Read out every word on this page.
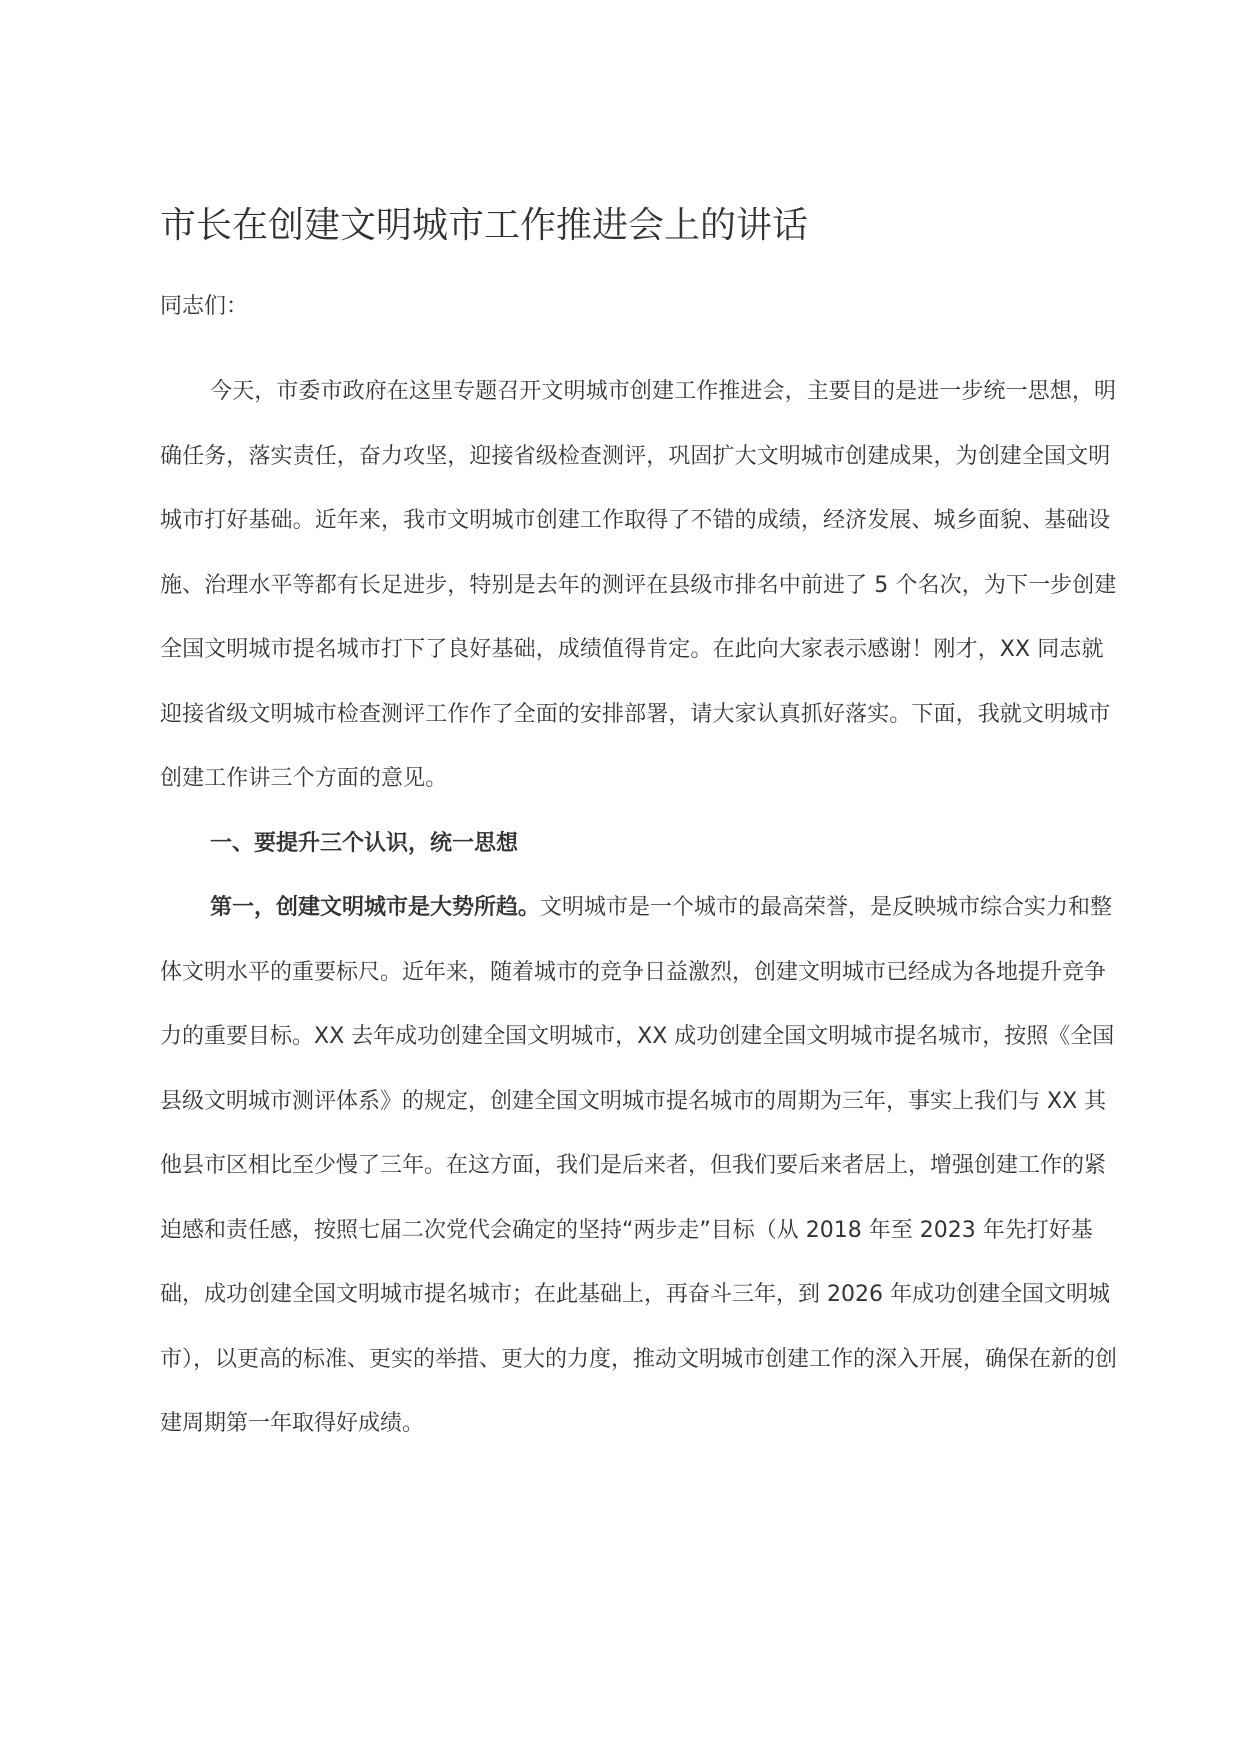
市长在创建文明城市工作推进会上的讲话

同志们：

今天，市委市政府在这里专题召开文明城市创建工作推进会，主要目的是进一步统一思想，明确任务，落实责任，奋力攻坚，迎接省级检查测评，巩固扩大文明城市创建成果，为创建全国文明城市打好基础。近年来，我市文明城市创建工作取得了不错的成绩，经济发展、城乡面貌、基础设施、治理水平等都有长足进步，特别是去年的测评在县级市排名中前进了 5 个名次，为下一步创建全国文明城市提名城市打下了良好基础，成绩值得肯定。在此向大家表示感谢！刚才，XX 同志就迎接省级文明城市检查测评工作作了全面的安排部署，请大家认真抓好落实。下面，我就文明城市创建工作讲三个方面的意见。

一、要提升三个认识，统一思想

第一，创建文明城市是大势所趋。文明城市是一个城市的最高荣誉，是反映城市综合实力和整体文明水平的重要标尺。近年来，随着城市的竞争日益激烈，创建文明城市已经成为各地提升竞争力的重要目标。XX 去年成功创建全国文明城市，XX 成功创建全国文明城市提名城市，按照《全国县级文明城市测评体系》的规定，创建全国文明城市提名城市的周期为三年，事实上我们与 XX 其他县市区相比至少慢了三年。在这方面，我们是后来者，但我们要后来者居上，增强创建工作的紧迫感和责任感，按照七届二次党代会确定的坚持“两步走”目标（从 2018 年至 2023 年先打好基础，成功创建全国文明城市提名城市；在此基础上，再奋斗三年，到 2026 年成功创建全国文明城市），以更高的标准、更实的举措、更大的力度，推动文明城市创建工作的深入开展，确保在新的创建周期第一年取得好成绩。
